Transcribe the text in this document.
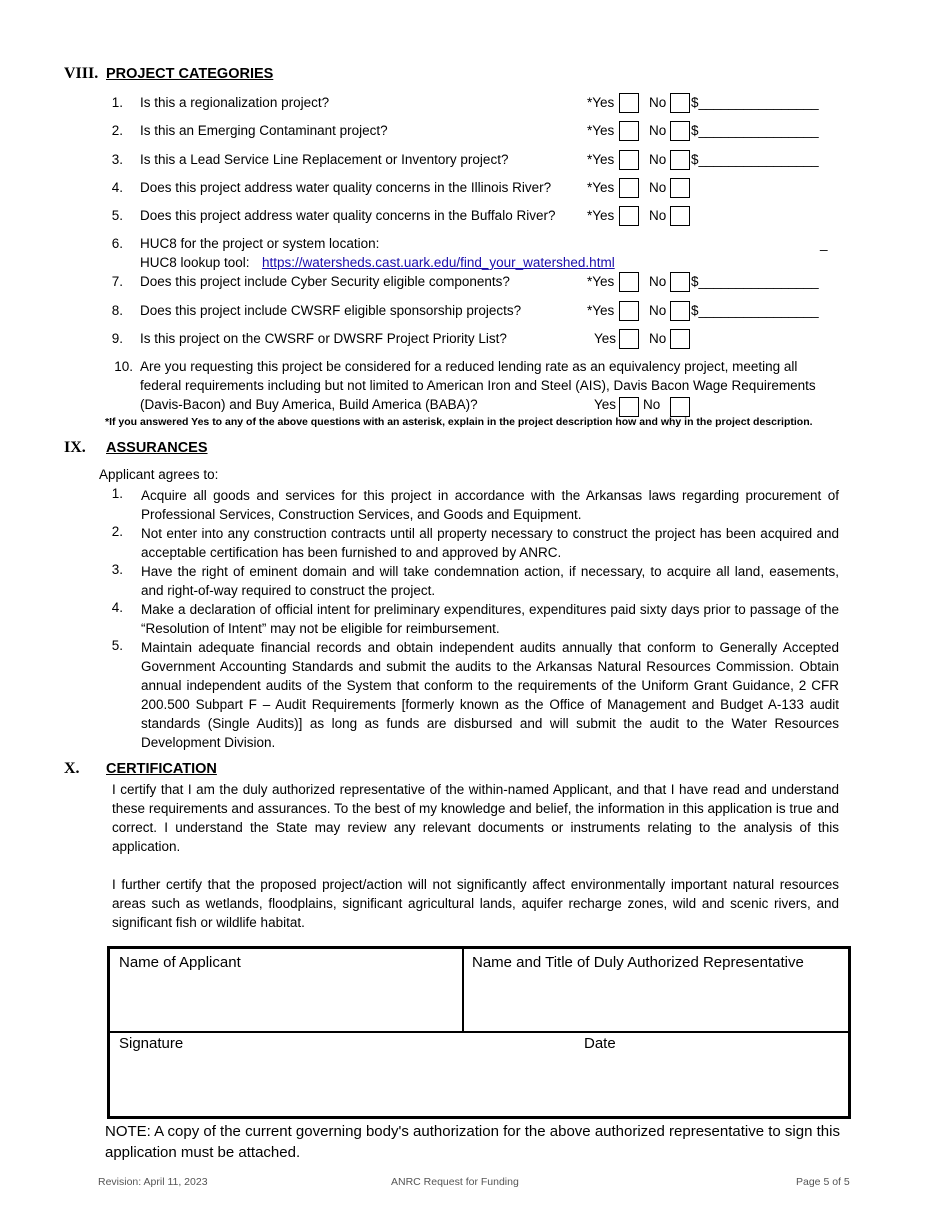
VIII. PROJECT CATEGORIES
1. Is this a regionalization project?	*Yes	No $________________
2. Is this an Emerging Contaminant project?	*Yes	No $________________
3. Is this a Lead Service Line Replacement or Inventory project?	*Yes	No $________________
4. Does this project address water quality concerns in the Illinois River?	*Yes	No
5. Does this project address water quality concerns in the Buffalo River? *Yes	No
6. HUC8 for the project or system location:	_
HUC8 lookup tool: https://watersheds.cast.uark.edu/find_your_watershed.html
7. Does this project include Cyber Security eligible components?	*Yes	No $________________
8. Does this project include CWSRF eligible sponsorship projects?	*Yes	No $________________
9. Is this project on the CWSRF or DWSRF Project Priority List?	Yes No
10. Are you requesting this project be considered for a reduced lending rate as an equivalency project, meeting all
federal requirements including but not limited to American Iron and Steel (AIS), Davis Bacon Wage Requirements
(Davis-Bacon) and Buy America, Build America (BABA)?	Yes No
*If you answered Yes to any of the above questions with an asterisk, explain in the project description how and why in the project description.
IX. ASSURANCES
Applicant agrees to:
1. Acquire all goods and services for this project in accordance with the Arkansas laws regarding procurement of Professional Services, Construction Services, and Goods and Equipment.
2. Not enter into any construction contracts until all property necessary to construct the project has been acquired and acceptable certification has been furnished to and approved by ANRC.
3. Have the right of eminent domain and will take condemnation action, if necessary, to acquire all land, easements, and right-of-way required to construct the project.
4. Make a declaration of official intent for preliminary expenditures, expenditures paid sixty days prior to passage of the “Resolution of Intent” may not be eligible for reimbursement.
5. Maintain adequate financial records and obtain independent audits annually that conform to Generally Accepted Government Accounting Standards and submit the audits to the Arkansas Natural Resources Commission. Obtain annual independent audits of the System that conform to the requirements of the Uniform Grant Guidance, 2 CFR 200.500 Subpart F – Audit Requirements [formerly known as the Office of Management and Budget A-133 audit standards (Single Audits)] as long as funds are disbursed and will submit the audit to the Water Resources Development Division.
X. CERTIFICATION
I certify that I am the duly authorized representative of the within-named Applicant, and that I have read and understand these requirements and assurances. To the best of my knowledge and belief, the information in this application is true and correct. I understand the State may review any relevant documents or instruments relating to the analysis of this application.
I further certify that the proposed project/action will not significantly affect environmentally important natural resources areas such as wetlands, floodplains, significant agricultural lands, aquifer recharge zones, wild and scenic rivers, and significant fish or wildlife habitat.
Name of Applicant	Name and Title of Duly Authorized Representative
Signature	Date
NOTE: A copy of the current governing body's authorization for the above authorized representative to sign this application must be attached.
Revision: April 11, 2023	ANRC Request for Funding	Page 5 of 5
